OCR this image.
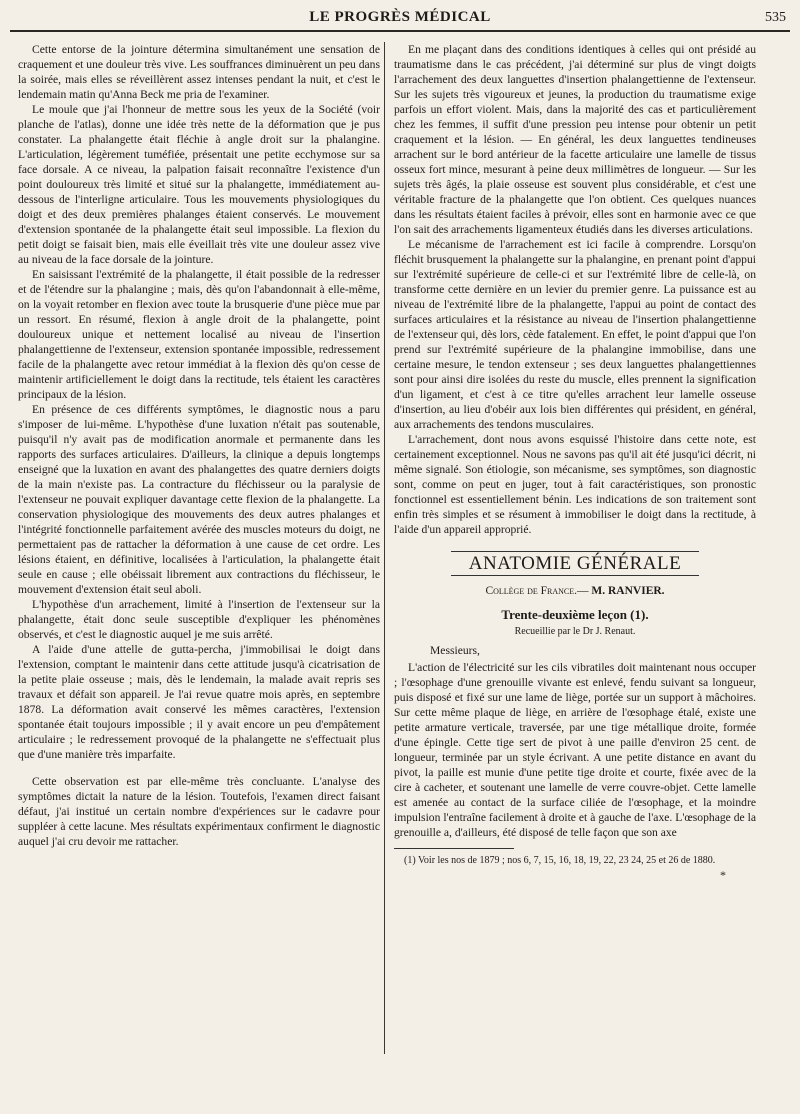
LE PROGRÈS MÉDICAL	535

Cette entorse de la jointure détermina simultanément une sensation de craquement et une douleur très vive. Les souffrances diminuèrent un peu dans la soirée, mais elles se réveillèrent assez intenses pendant la nuit, et c'est le lendemain matin qu'Anna Beck me pria de l'examiner.

Le moule que j'ai l'honneur de mettre sous les yeux de la Société (voir planche de l'atlas), donne une idée très nette de la déformation que je pus constater. La phalangette était fléchie à angle droit sur la phalangine. L'articulation, légèrement tuméfiée, présentait une petite ecchymose sur sa face dorsale. A ce niveau, la palpation faisait reconnaître l'existence d'un point douloureux très limité et situé sur la phalangette, immédiatement au-dessous de l'interligne articulaire. Tous les mouvements physiologiques du doigt et des deux premières phalanges étaient conservés. Le mouvement d'extension spontanée de la phalangette était seul impossible. La flexion du petit doigt se faisait bien, mais elle éveillait très vite une douleur assez vive au niveau de la face dorsale de la jointure.

En saisissant l'extrémité de la phalangette, il était possible de la redresser et de l'étendre sur la phalangine ; mais, dès qu'on l'abandonnait à elle-même, on la voyait retomber en flexion avec toute la brusquerie d'une pièce mue par un ressort. En résumé, flexion à angle droit de la phalangette, point douloureux unique et nettement localisé au niveau de l'insertion phalangettienne de l'extenseur, extension spontanée impossible, redressement facile de la phalangette avec retour immédiat à la flexion dès qu'on cesse de maintenir artificiellement le doigt dans la rectitude, tels étaient les caractères principaux de la lésion.

En présence de ces différents symptômes, le diagnostic nous a paru s'imposer de lui-même. L'hypothèse d'une luxation n'était pas soutenable, puisqu'il n'y avait pas de modification anormale et permanente dans les rapports des surfaces articulaires. D'ailleurs, la clinique a depuis longtemps enseigné que la luxation en avant des phalangettes des quatre derniers doigts de la main n'existe pas. La contracture du fléchisseur ou la paralysie de l'extenseur ne pouvait expliquer davantage cette flexion de la phalangette. La conservation physiologique des mouvements des deux autres phalanges et l'intégrité fonctionnelle parfaitement avérée des muscles moteurs du doigt, ne permettaient pas de rattacher la déformation à une cause de cet ordre. Les lésions étaient, en définitive, localisées à l'articulation, la phalangette était seule en cause ; elle obéissait librement aux contractions du fléchisseur, le mouvement d'extension était seul aboli.

L'hypothèse d'un arrachement, limité à l'insertion de l'extenseur sur la phalangette, était donc seule susceptible d'expliquer les phénomènes observés, et c'est le diagnostic auquel je me suis arrêté.

A l'aide d'une attelle de gutta-percha, j'immobilisai le doigt dans l'extension, comptant le maintenir dans cette attitude jusqu'à cicatrisation de la petite plaie osseuse ; mais, dès le lendemain, la malade avait repris ses travaux et défait son appareil. Je l'ai revue quatre mois après, en septembre 1878. La déformation avait conservé les mêmes caractères, l'extension spontanée était toujours impossible ; il y avait encore un peu d'empâtement articulaire ; le redressement provoqué de la phalangette ne s'effectuait plus que d'une manière très imparfaite.

Cette observation est par elle-même très concluante. L'analyse des symptômes dictait la nature de la lésion. Toutefois, l'examen direct faisant défaut, j'ai institué un certain nombre d'expériences sur le cadavre pour suppléer à cette lacune. Mes résultats expérimentaux confirment le diagnostic auquel j'ai cru devoir me rattacher.

En me plaçant dans des conditions identiques à celles qui ont présidé au traumatisme dans le cas précédent, j'ai déterminé sur plus de vingt doigts l'arrachement des deux languettes d'insertion phalangettienne de l'extenseur. Sur les sujets très vigoureux et jeunes, la production du traumatisme exige parfois un effort violent. Mais, dans la majorité des cas et particulièrement chez les femmes, il suffit d'une pression peu intense pour obtenir un petit craquement et la lésion. — En général, les deux languettes tendineuses arrachent sur le bord antérieur de la facette articulaire une lamelle de tissus osseux fort mince, mesurant à peine deux millimètres de longueur. — Sur les sujets très âgés, la plaie osseuse est souvent plus considérable, et c'est une véritable fracture de la phalangette que l'on obtient. Ces quelques nuances dans les résultats étaient faciles à prévoir, elles sont en harmonie avec ce que l'on sait des arrachements ligamenteux étudiés dans les diverses articulations.

Le mécanisme de l'arrachement est ici facile à comprendre. Lorsqu'on fléchit brusquement la phalangette sur la phalangine, en prenant point d'appui sur l'extrémité supérieure de celle-ci et sur l'extrémité libre de celle-là, on transforme cette dernière en un levier du premier genre. La puissance est au niveau de l'extrémité libre de la phalangette, l'appui au point de contact des surfaces articulaires et la résistance au niveau de l'insertion phalangettienne de l'extenseur qui, dès lors, cède fatalement. En effet, le point d'appui que l'on prend sur l'extrémité supérieure de la phalangine immobilise, dans une certaine mesure, le tendon extenseur ; ses deux languettes phalangettiennes sont pour ainsi dire isolées du reste du muscle, elles prennent la signification d'un ligament, et c'est à ce titre qu'elles arrachent leur lamelle osseuse d'insertion, au lieu d'obéir aux lois bien différentes qui président, en général, aux arrachements des tendons musculaires.

L'arrachement, dont nous avons esquissé l'histoire dans cette note, est certainement exceptionnel. Nous ne savons pas qu'il ait été jusqu'ici décrit, ni même signalé. Son étiologie, son mécanisme, ses symptômes, son diagnostic sont, comme on peut en juger, tout à fait caractéristiques, son pronostic fonctionnel est essentiellement bénin. Les indications de son traitement sont enfin très simples et se résument à immobiliser le doigt dans la rectitude, à l'aide d'un appareil approprié.

ANATOMIE GÉNÉRALE
Collège de France.— M. RANVIER.
Trente-deuxième leçon (1).
Recueillie par le Dr J. Renaut.

Messieurs,

L'action de l'électricité sur les cils vibratiles doit maintenant nous occuper ; l'œsophage d'une grenouille vivante est enlevé, fendu suivant sa longueur, puis disposé et fixé sur une lame de liège, portée sur un support à mâchoires. Sur cette même plaque de liège, en arrière de l'œsophage étalé, existe une petite armature verticale, traversée, par une tige métallique droite, formée d'une épingle. Cette tige sert de pivot à une paille d'environ 25 cent. de longueur, terminée par un style écrivant. A une petite distance en avant du pivot, la paille est munie d'une petite tige droite et courte, fixée avec de la cire à cacheter, et soutenant une lamelle de verre couvre-objet. Cette lamelle est amenée au contact de la surface ciliée de l'œsophage, et la moindre impulsion l'entraîne facilement à droite et à gauche de l'axe. L'œsophage de la grenouille a, d'ailleurs, été disposé de telle façon que son axe

(1) Voir les nos de 1879 ; nos 6, 7, 15, 16, 18, 19, 22, 23 24, 25 et 26 de 1880.

*
